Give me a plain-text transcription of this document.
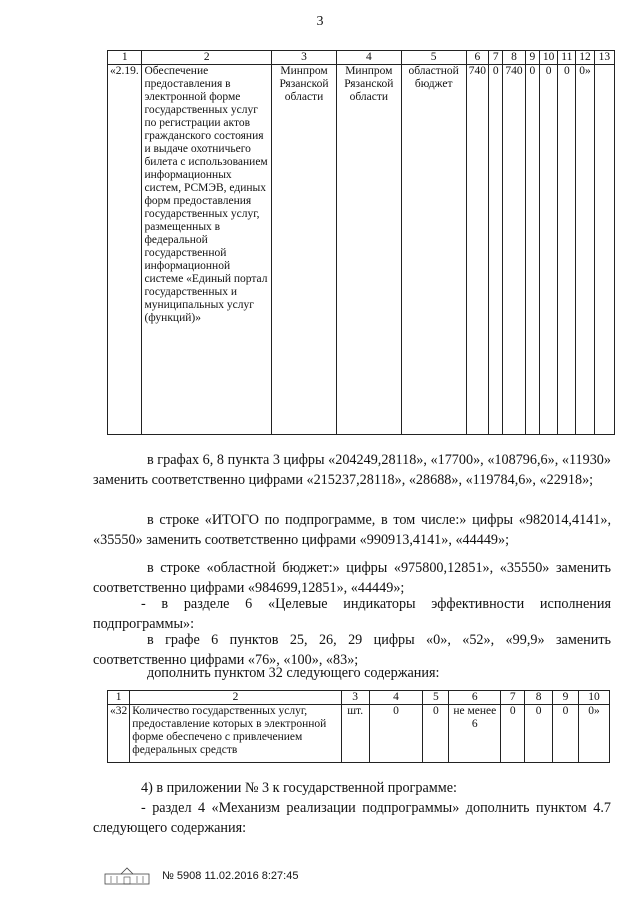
3
1	2	3	4	5	6	7	8	9	10	11	12	13
«2.19.	Обеспечение предоставления в электронной форме государственных услуг по регистрации актов гражданского состояния и выдаче охотничьего билета с использованием информационных систем, РСМЭВ, единых форм предоставления государственных услуг, размещенных в федеральной государственной информационной системе «Единый портал государственных и муниципальных услуг (функций)»	Минпром Рязанской области	Минпром Рязанской области	областной бюджет	740	0	740	0	0	0	0»	
в графах 6, 8 пункта 3 цифры «204249,28118», «17700», «108796,6», «11930» заменить соответственно цифрами «215237,28118», «28688», «119784,6», «22918»;
в строке «ИТОГО по подпрограмме, в том числе:» цифры «982014,4141», «35550» заменить соответственно цифрами «990913,4141», «44449»;
в строке «областной бюджет:» цифры «975800,12851», «35550» заменить соответственно цифрами «984699,12851», «44449»;
- в разделе 6 «Целевые индикаторы эффективности исполнения подпрограммы»:
в графе 6 пунктов 25, 26, 29 цифры «0», «52», «99,9» заменить соответственно цифрами «76», «100», «83»;
дополнить пунктом 32 следующего содержания:
1	2	3	4	5	6	7	8	9	10
«32	Количество государственных услуг, предоставление которых в электронной форме обеспечено с привлечением федеральных средств	шт.	0	0	не менее 6	0	0	0	0»
4) в приложении № 3 к государственной программе:
- раздел 4 «Механизм реализации подпрограммы» дополнить пунктом 4.7 следующего содержания:
№ 5908 11.02.2016 8:27:45
